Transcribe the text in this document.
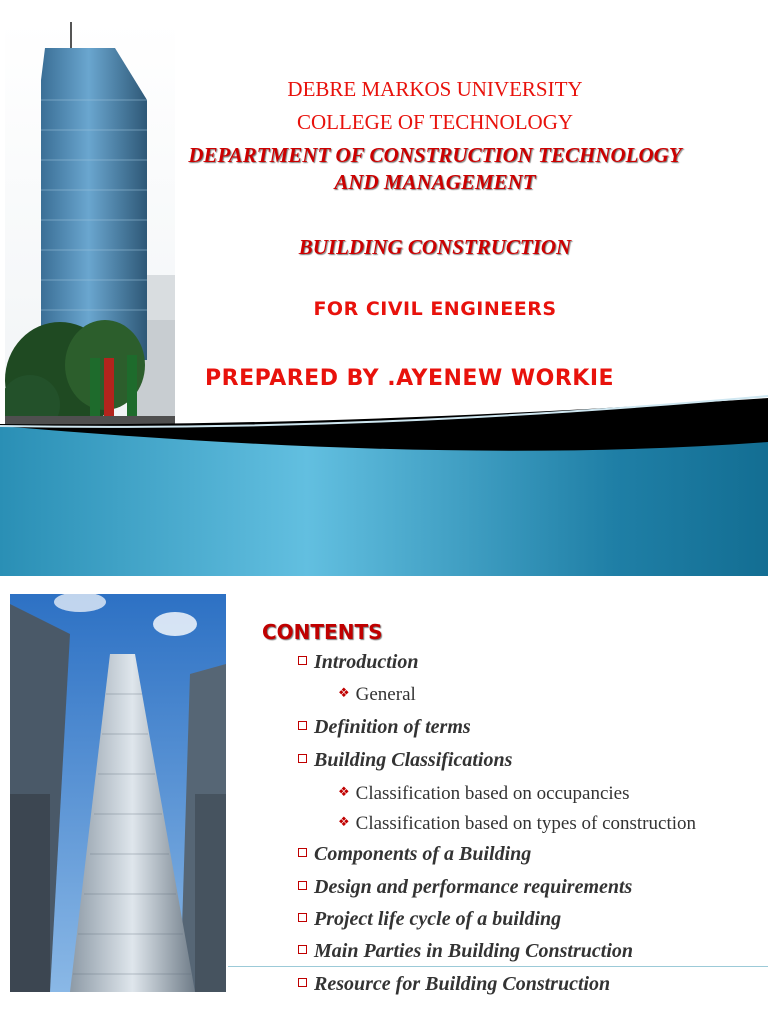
DEBRE MARKOS UNIVERSITY
COLLEGE OF TECHNOLOGY
DEPARTMENT OF CONSTRUCTION TECHNOLOGY
AND MANAGEMENT
BUILDING CONSTRUCTION
FOR CIVIL ENGINEERS
PREPARED BY .AYENEW WORKIE
CONTENTS
Introduction
❖ General
Definition of terms
Building Classifications
❖ Classification based on occupancies
❖ Classification based on types of construction
Components of a Building
Design and performance requirements
Project life cycle of a building
Main Parties in Building Construction
Resource for Building Construction
